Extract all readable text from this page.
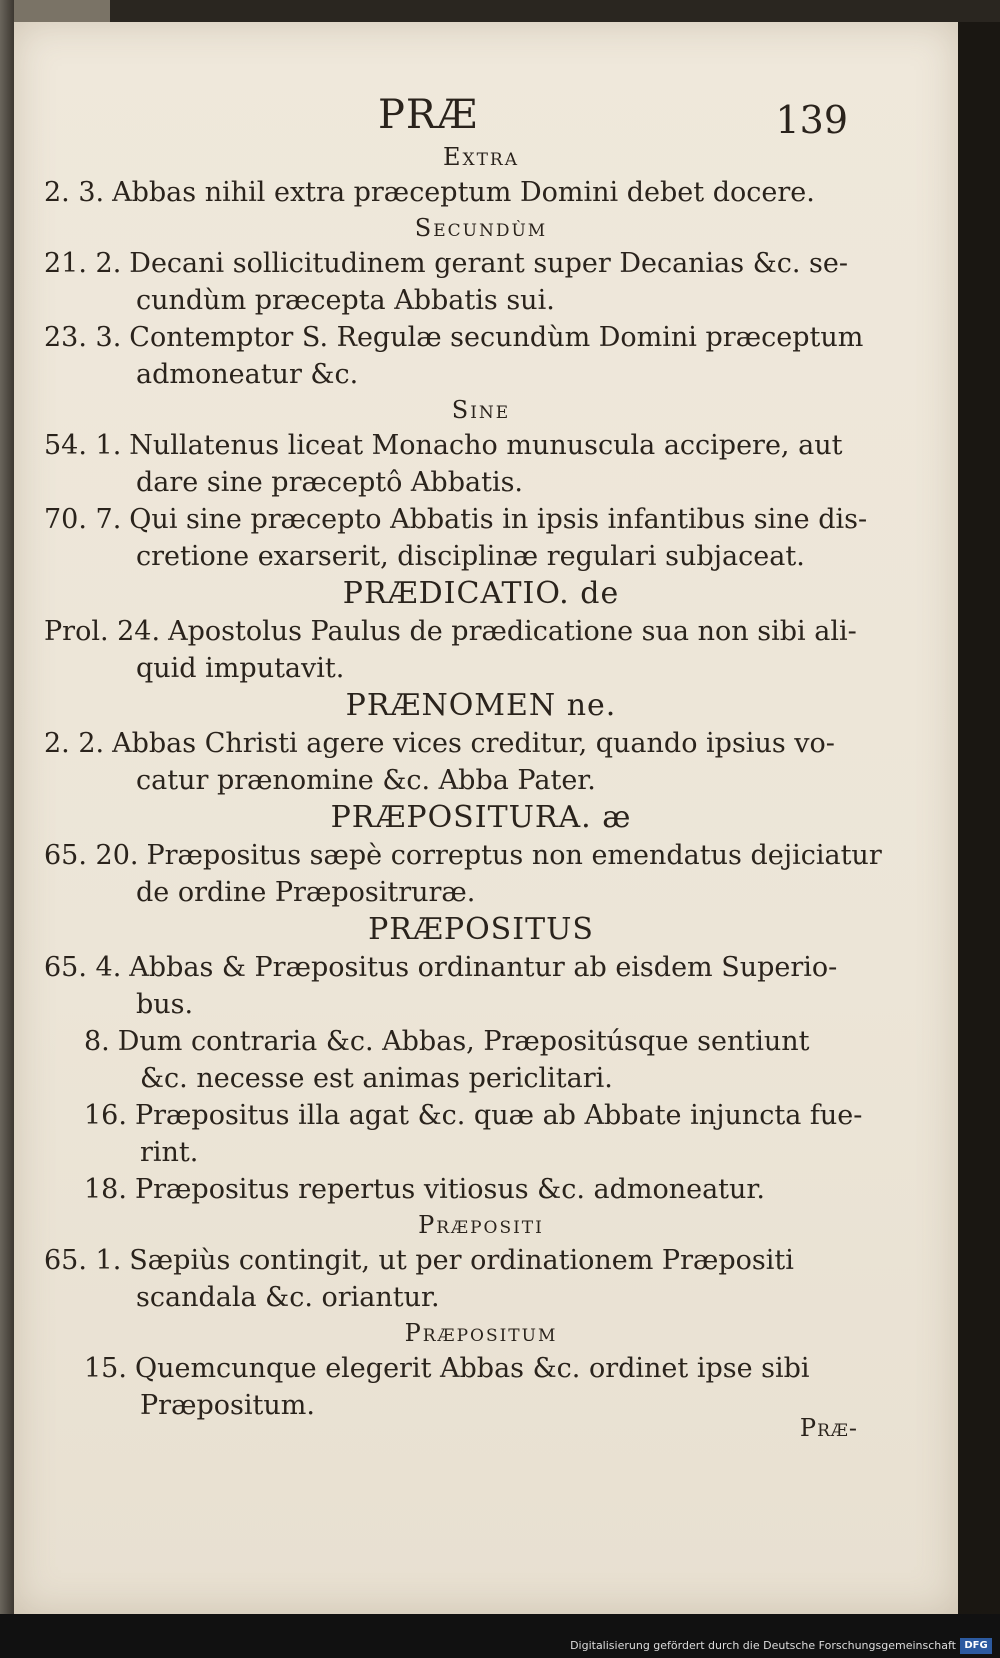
PRÆ	139
Extra
2. 3. Abbas nihil extra præceptum Domini debet docere.
Secundùm
21. 2. Decani sollicitudinem gerant super Decanias &c. se-
cundùm præcepta Abbatis sui.
23. 3. Contemptor S. Regulæ secundùm Domini præceptum
admoneatur &c.
Sine
54. 1. Nullatenus liceat Monacho munuscula accipere, aut
dare sine præceptô Abbatis.
70. 7. Qui sine præcepto Abbatis in ipsis infantibus sine dis-
cretione exarserit, disciplinæ regulari subjaceat.
PRÆDICATIO. de
Prol. 24. Apostolus Paulus de prædicatione sua non sibi ali-
quid imputavit.
PRÆNOMEN ne.
2. 2. Abbas Christi agere vices creditur, quando ipsius vo-
catur prænomine &c. Abba Pater.
PRÆPOSITURA. æ
65. 20. Præpositus sæpè correptus non emendatus dejiciatur
de ordine Præpositruræ.
PRÆPOSITUS
65. 4. Abbas & Præpositus ordinantur ab eisdem Superio-
bus.
8. Dum contraria &c. Abbas, Præpositúsque sentiunt
&c. necesse est animas periclitari.
16. Præpositus illa agat &c. quæ ab Abbate injuncta fue-
rint.
18. Præpositus repertus vitiosus &c. admoneatur.
Præpositi
65. 1. Sæpiùs contingit, ut per ordinationem Præpositi
scandala &c. oriantur.
Præpositum
15. Quemcunque elegerit Abbas &c. ordinet ipse sibi
Præpositum.
Præ-
Digitalisierung gefördert durch die Deutsche Forschungsgemeinschaft DFG
